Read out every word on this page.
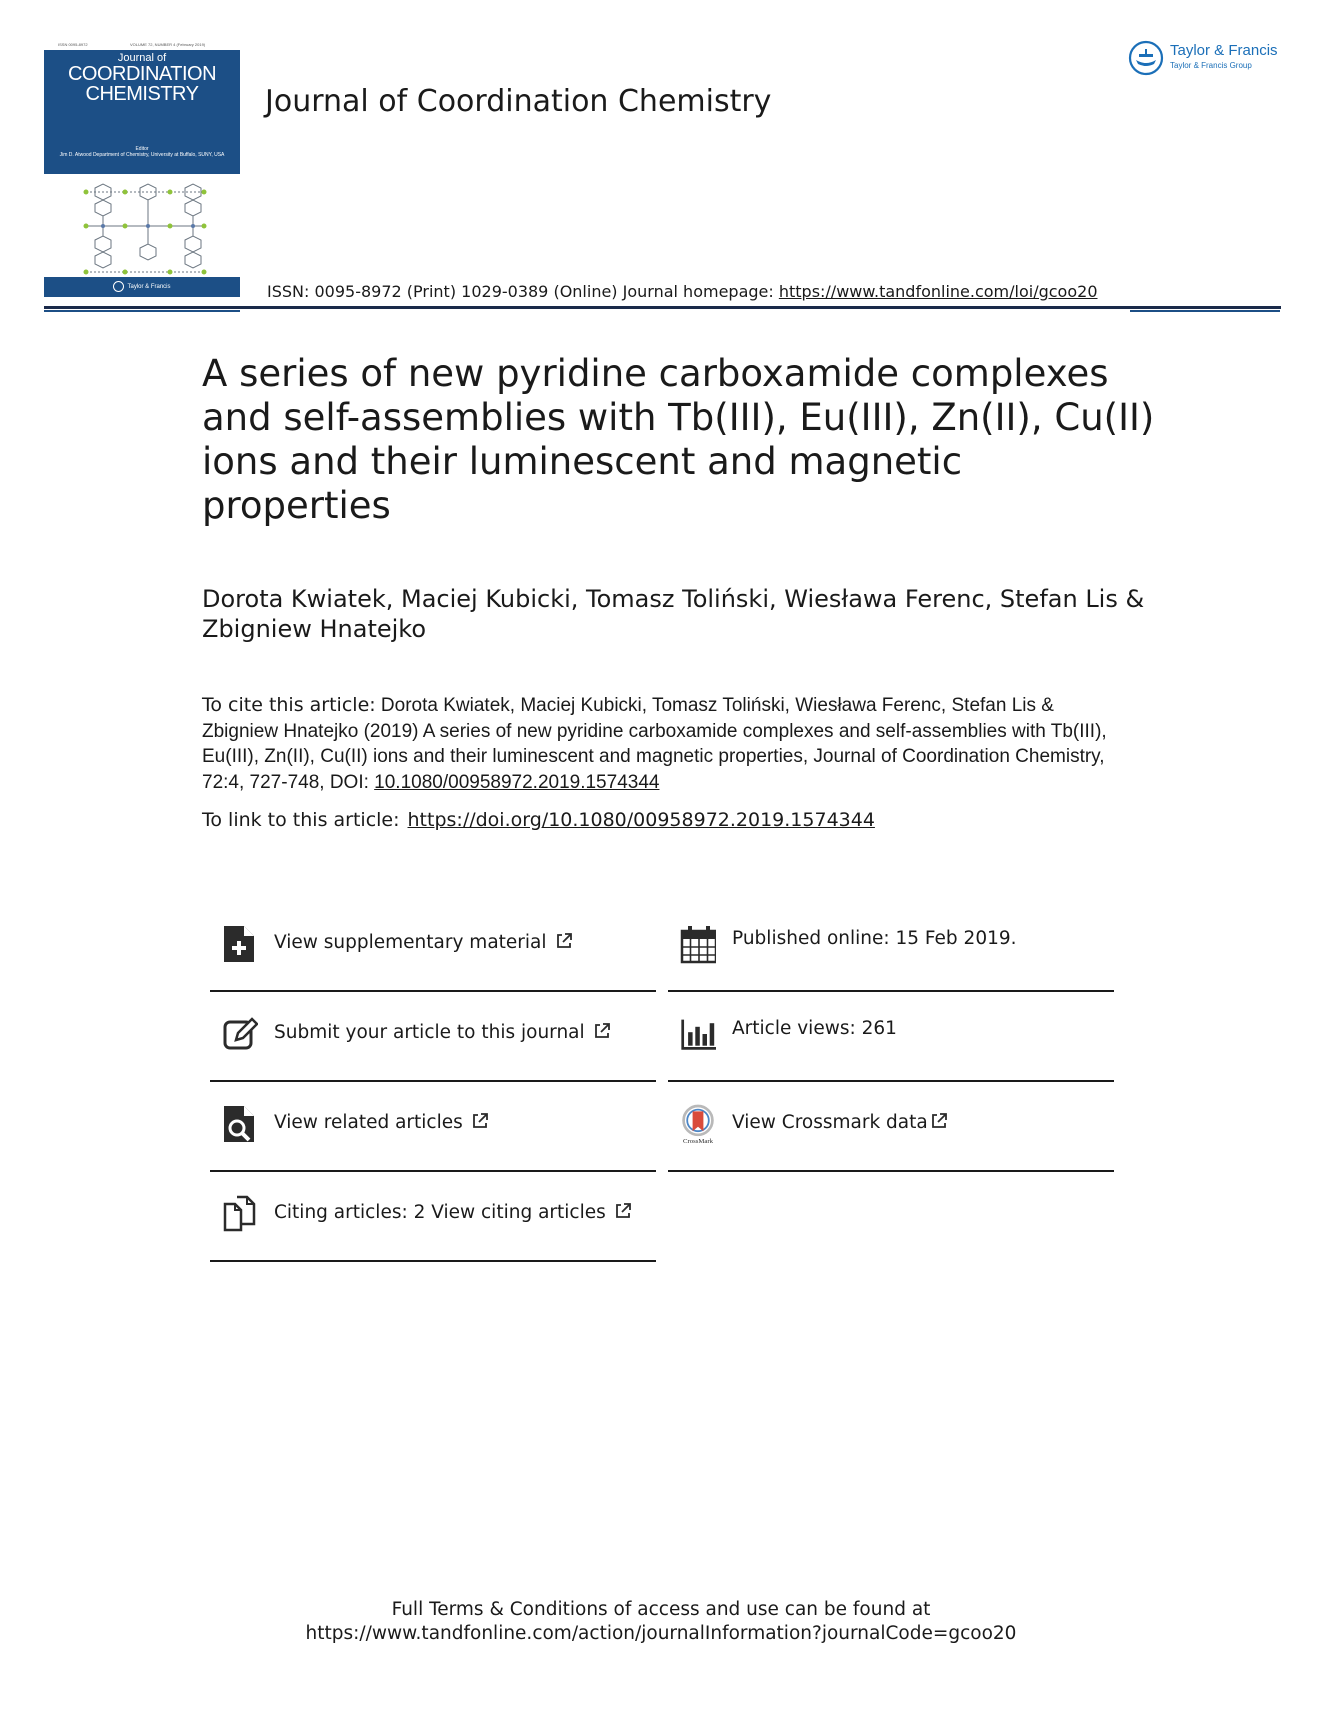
ISSN 0095-8972	VOLUME 72, NUMBER 4 (February 2019)
Journal of
COORDINATION
CHEMISTRY
Editor
Jim D. Atwood Department of Chemistry, University at Buffalo, SUNY, USA
Taylor & Francis
Journal of Coordination Chemistry
Taylor & Francis
Taylor & Francis Group
ISSN: 0095-8972 (Print) 1029-0389 (Online) Journal homepage: https://www.tandfonline.com/loi/gcoo20
A series of new pyridine carboxamide complexes and self-assemblies with Tb(III), Eu(III), Zn(II), Cu(II) ions and their luminescent and magnetic properties
Dorota Kwiatek, Maciej Kubicki, Tomasz Toliński, Wiesława Ferenc, Stefan Lis & Zbigniew Hnatejko
To cite this article: Dorota Kwiatek, Maciej Kubicki, Tomasz Toliński, Wiesława Ferenc, Stefan Lis & Zbigniew Hnatejko (2019) A series of new pyridine carboxamide complexes and self-assemblies with Tb(III), Eu(III), Zn(II), Cu(II) ions and their luminescent and magnetic properties, Journal of Coordination Chemistry, 72:4, 727-748, DOI: 10.1080/00958972.2019.1574344
To link to this article: https://doi.org/10.1080/00958972.2019.1574344
View supplementary material
Submit your article to this journal
View related articles
Citing articles: 2 View citing articles
Published online: 15 Feb 2019.
Article views: 261
CrossMark
View Crossmark data
Full Terms & Conditions of access and use can be found at
https://www.tandfonline.com/action/journalInformation?journalCode=gcoo20
